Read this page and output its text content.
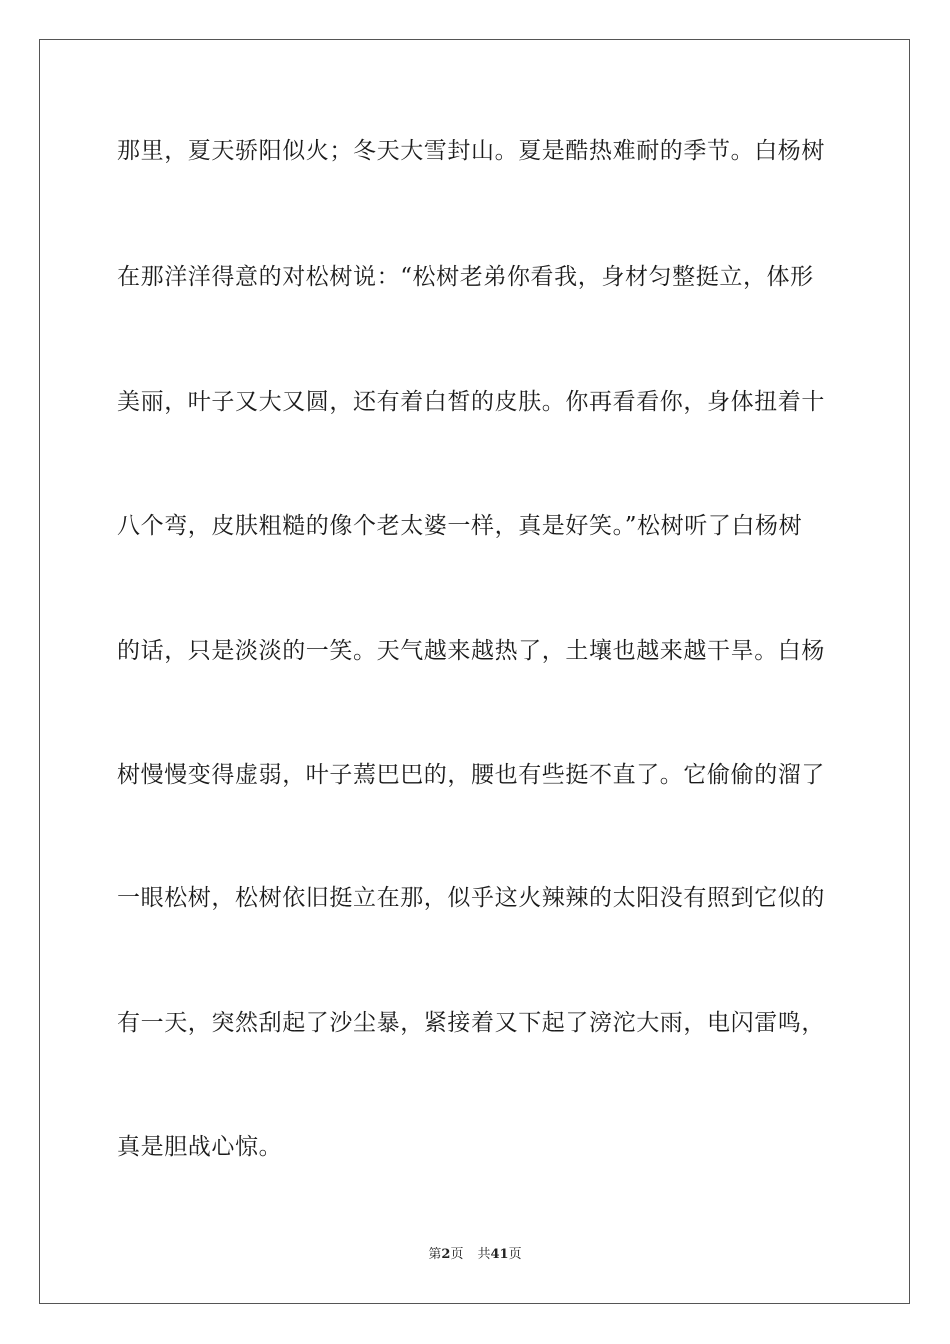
那里，夏天骄阳似火；冬天大雪封山。夏是酷热难耐的季节。白杨树
在那洋洋得意的对松树说：“松树老弟你看我，身材匀整挺立，体形
美丽，叶子又大又圆，还有着白皙的皮肤。你再看看你，身体扭着十
八个弯，皮肤粗糙的像个老太婆一样，真是好笑。”松树听了白杨树
的话，只是淡淡的一笑。天气越来越热了，土壤也越来越干旱。白杨
树慢慢变得虚弱，叶子蔫巴巴的，腰也有些挺不直了。它偷偷的溜了
一眼松树，松树依旧挺立在那，似乎这火辣辣的太阳没有照到它似的
有一天，突然刮起了沙尘暴，紧接着又下起了滂沱大雨，电闪雷鸣，
真是胆战心惊。
第2页 共41页
